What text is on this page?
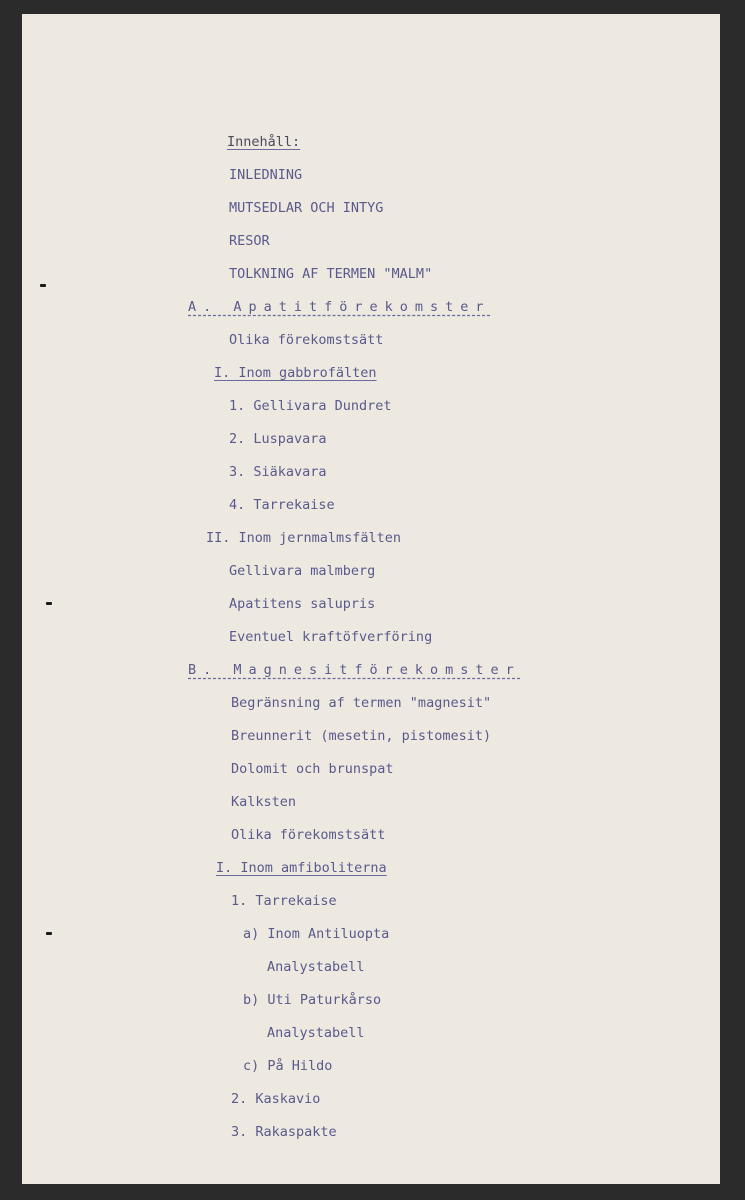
Innehåll:
INLEDNING
MUTSEDLAR OCH INTYG
RESOR
TOLKNING AF TERMEN "MALM"
A. Apatitförekomster
Olika förekomstsätt
I. Inom gabbrofälten
1. Gellivara Dundret
2. Luspavara
3. Siäkavara
4. Tarrekaise
II. Inom jernmalmsfälten
Gellivara malmberg
Apatitens salupris
Eventuel kraftöfverföring
B. Magnesitförekomster
Begränsning af termen "magnesit"
Breunnerit (mesetin, pistomesit)
Dolomit och brunspat
Kalksten
Olika förekomstsätt
I. Inom amfiboliterna
1. Tarrekaise
a) Inom Antiluopta
Analystabell
b) Uti Paturkårso
Analystabell
c) På Hildo
2. Kaskavio
3. Rakaspakte
